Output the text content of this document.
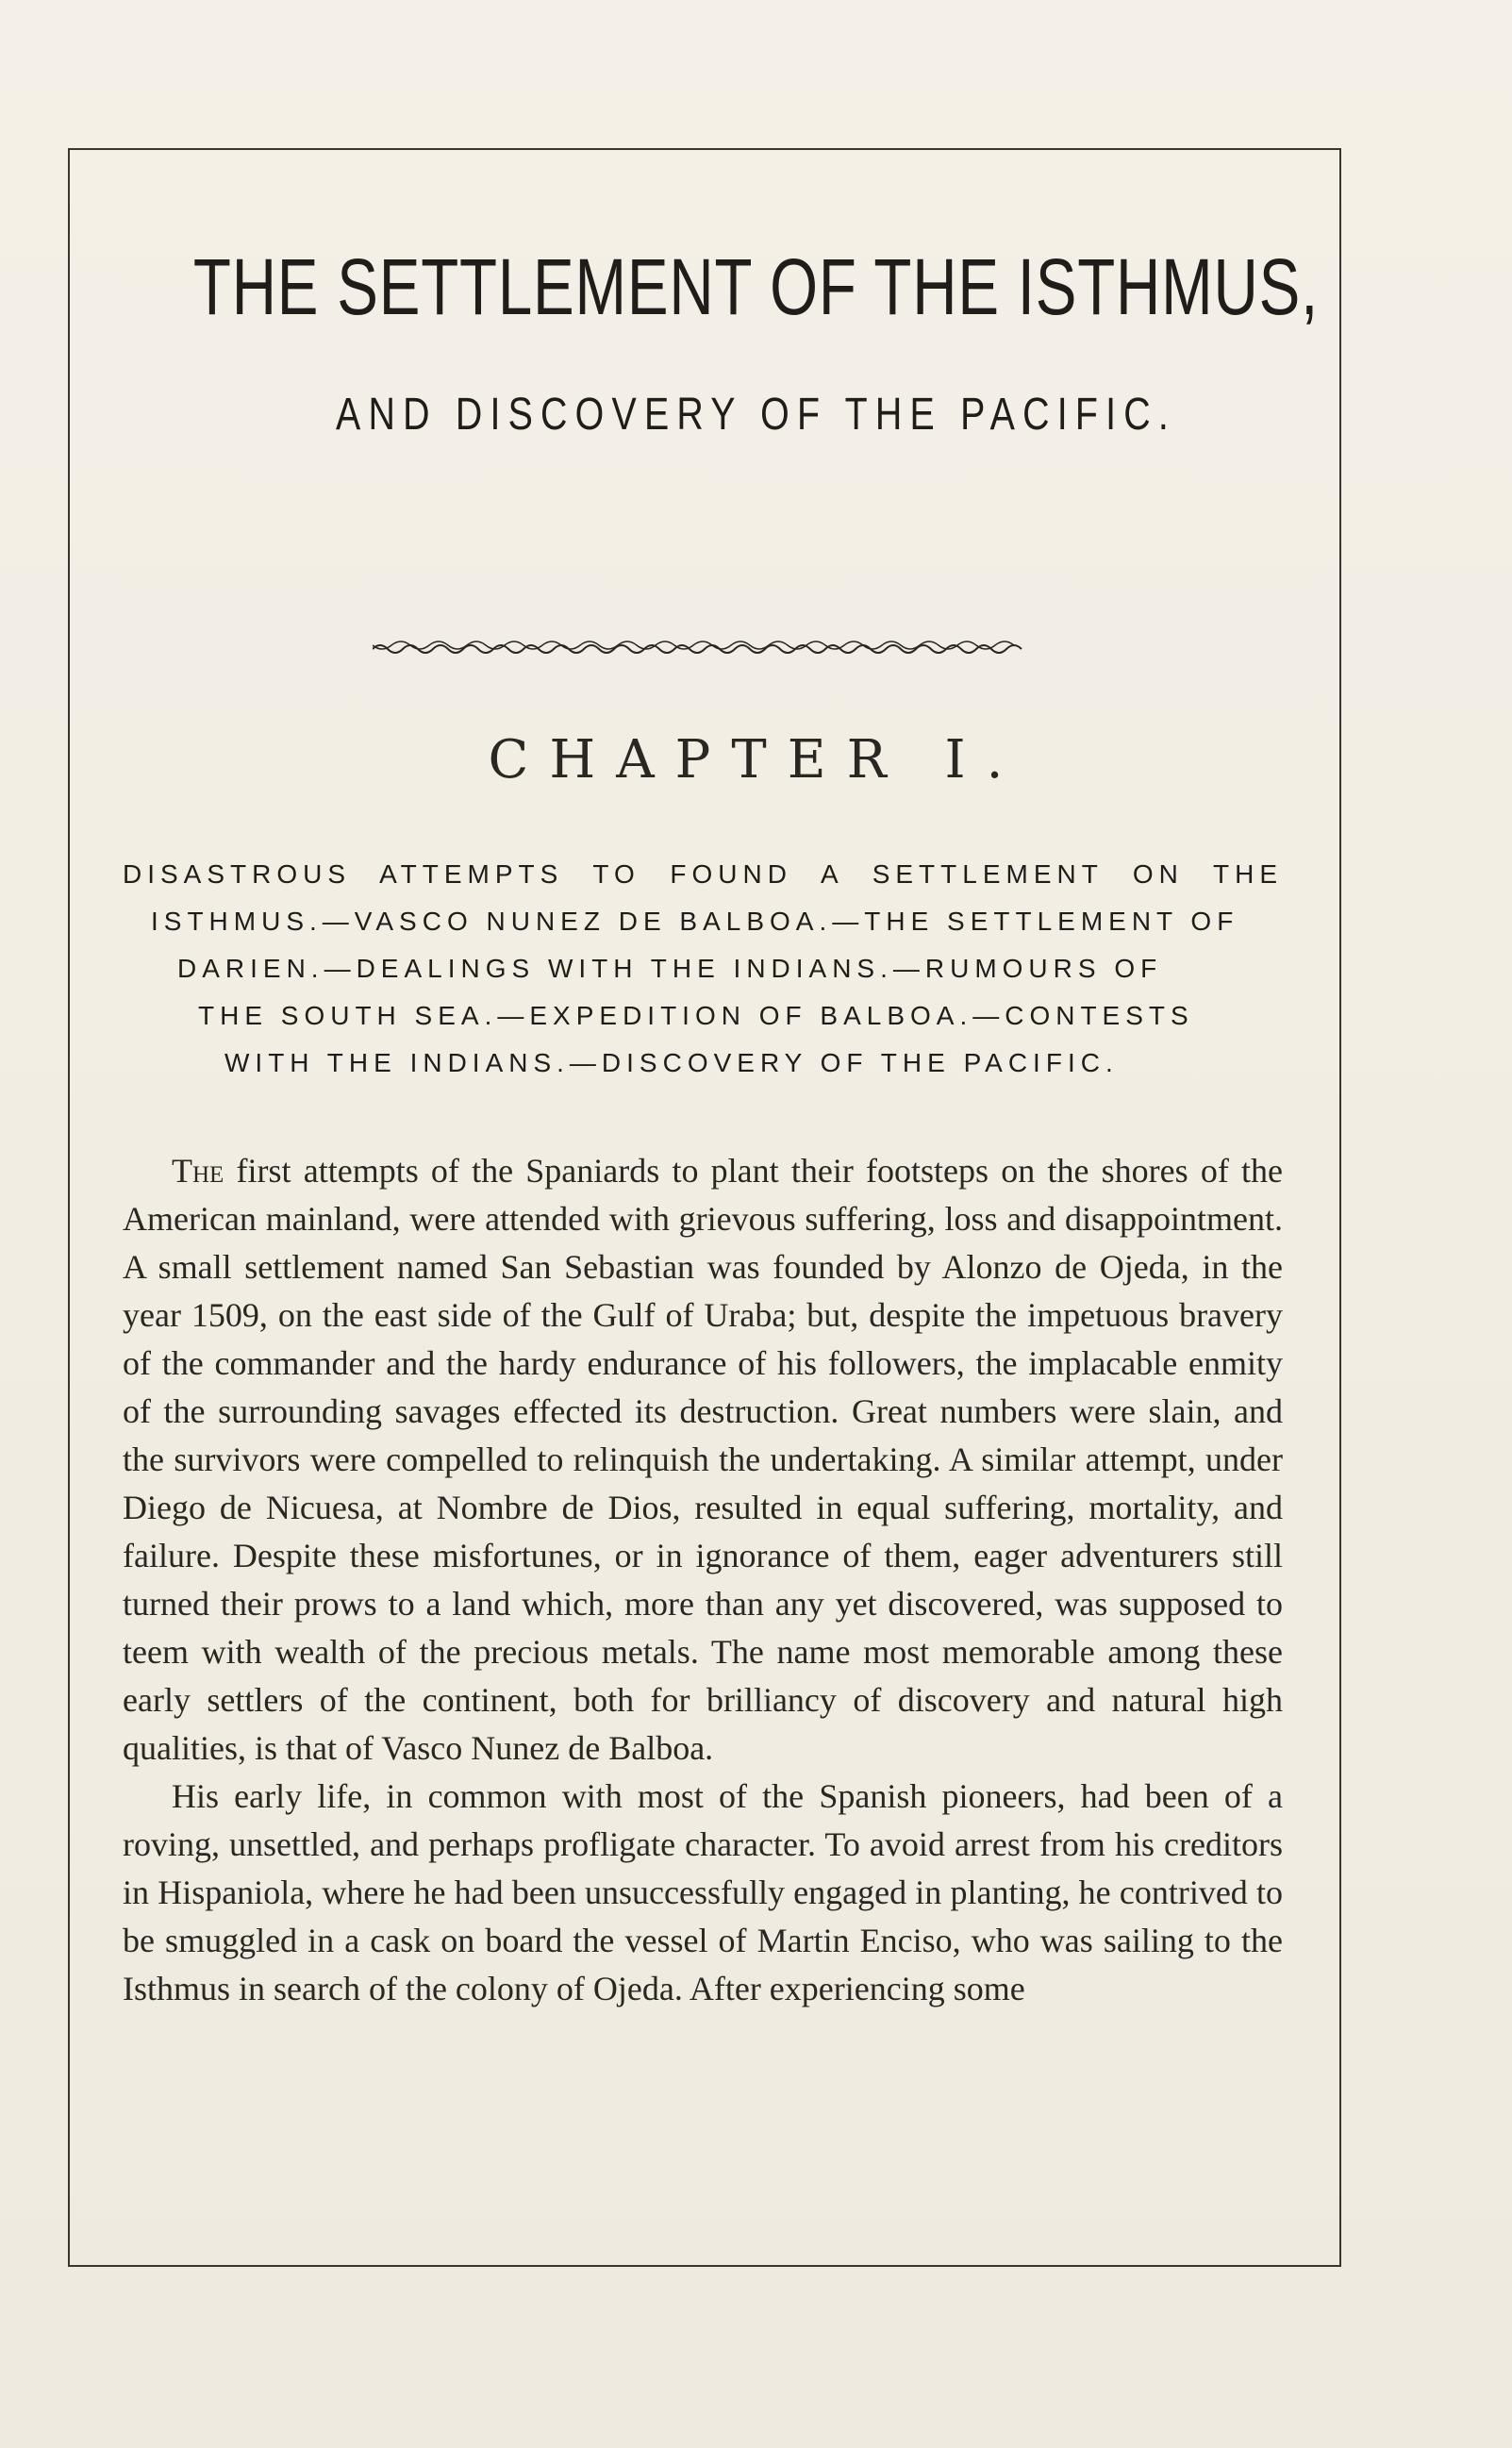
THE SETTLEMENT OF THE ISTHMUS,
AND DISCOVERY OF THE PACIFIC.
CHAPTER I.
DISASTROUS ATTEMPTS TO FOUND A SETTLEMENT ON THE
ISTHMUS.—VASCO NUNEZ DE BALBOA.—THE SETTLEMENT OF
DARIEN.—DEALINGS WITH THE INDIANS.—RUMOURS OF
THE SOUTH SEA.—EXPEDITION OF BALBOA.—CONTESTS
WITH THE INDIANS.—DISCOVERY OF THE PACIFIC.

The first attempts of the Spaniards to plant their footsteps on the shores of the American mainland, were attended with grievous suffering, loss and disappointment. A small settlement named San Sebastian was founded by Alonzo de Ojeda, in the year 1509, on the east side of the Gulf of Uraba; but, despite the impetuous bravery of the commander and the hardy endurance of his followers, the implacable enmity of the surrounding savages effected its destruction. Great numbers were slain, and the survivors were compelled to relinquish the undertaking. A similar attempt, under Diego de Nicuesa, at Nombre de Dios, resulted in equal suffering, mortality, and failure. Despite these misfortunes, or in ignorance of them, eager adventurers still turned their prows to a land which, more than any yet discovered, was supposed to teem with wealth of the precious metals. The name most memorable among these early settlers of the continent, both for brilliancy of discovery and natural high qualities, is that of Vasco Nunez de Balboa.

His early life, in common with most of the Spanish pioneers, had been of a roving, unsettled, and perhaps profligate character. To avoid arrest from his creditors in Hispaniola, where he had been unsuccessfully engaged in planting, he contrived to be smuggled in a cask on board the vessel of Martin Enciso, who was sailing to the Isthmus in search of the colony of Ojeda. After experiencing some
